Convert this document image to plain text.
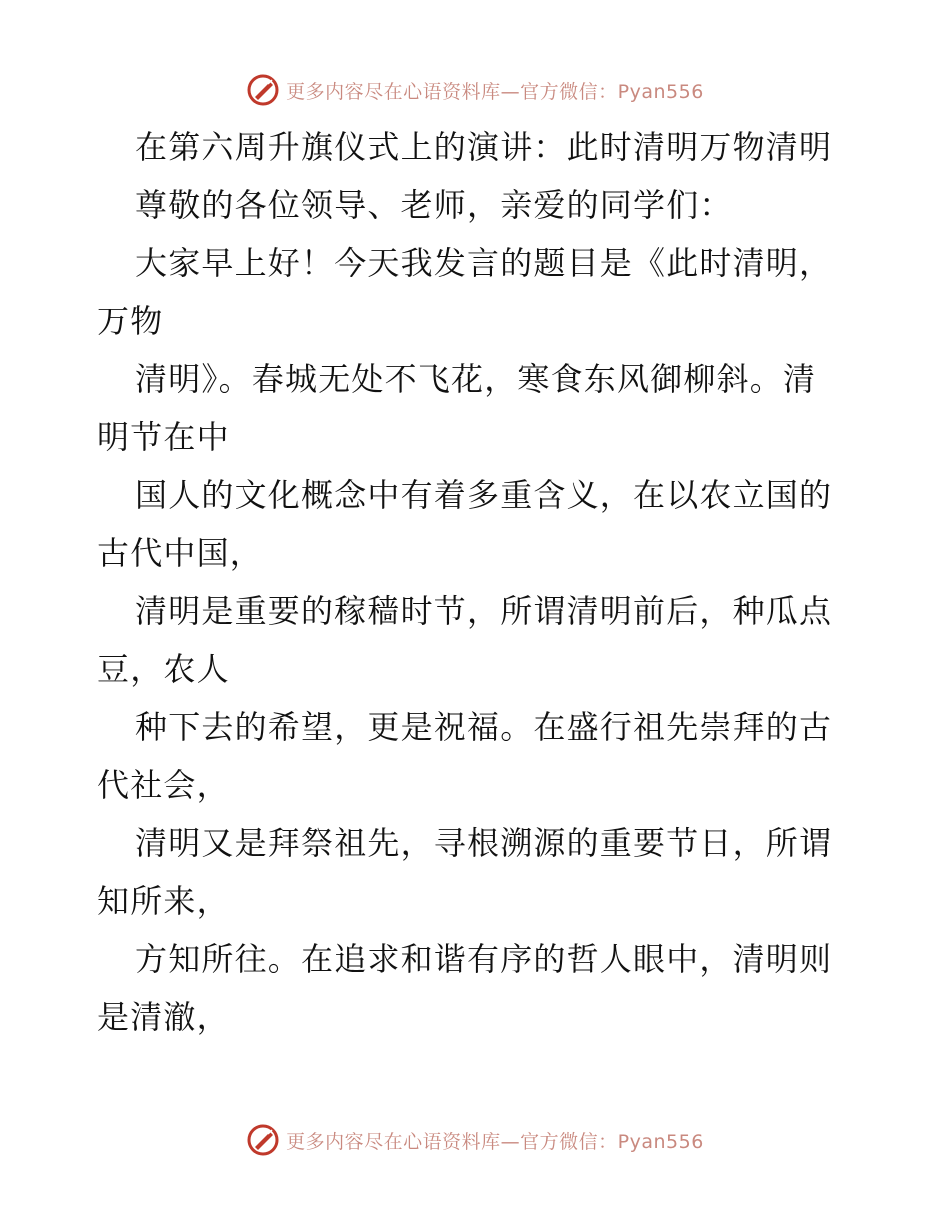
更多内容尽在心语资料库—官方微信：Pyan556
在第六周升旗仪式上的演讲：此时清明万物清明
尊敬的各位领导、老师，亲爱的同学们：
大家早上好！今天我发言的题目是《此时清明，
万物
清明》。春城无处不飞花，寒食东风御柳斜。清
明节在中
国人的文化概念中有着多重含义，在以农立国的
古代中国，
清明是重要的稼穑时节，所谓清明前后，种瓜点
豆，农人
种下去的希望，更是祝福。在盛行祖先崇拜的古
代社会，
清明又是拜祭祖先，寻根溯源的重要节日，所谓
知所来，
方知所往。在追求和谐有序的哲人眼中，清明则
是清澈，
更多内容尽在心语资料库—官方微信：Pyan556
